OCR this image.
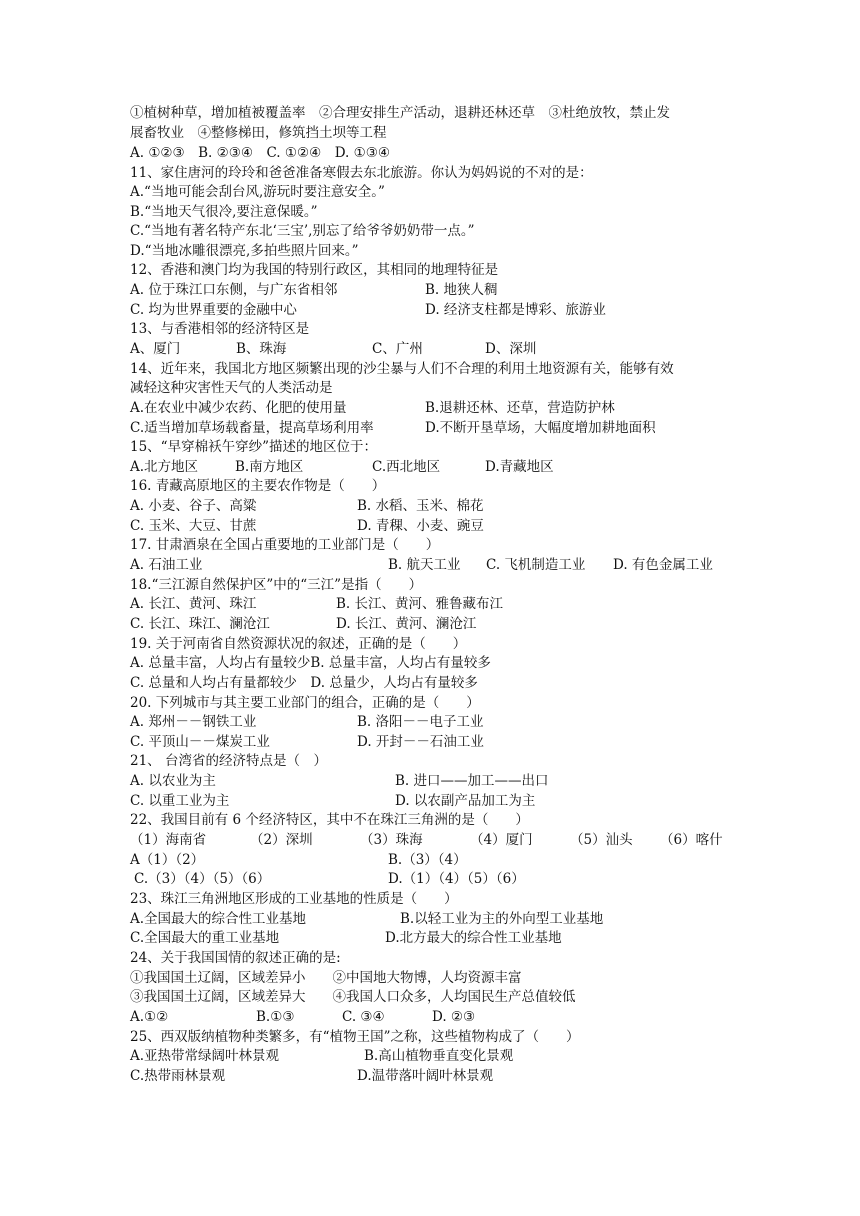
①植树种草，增加植被覆盖率　②合理安排生产活动，退耕还林还草　③杜绝放牧，禁止发
展畜牧业　④整修梯田，修筑挡土坝等工程
A. ①②③　B. ②③④　C. ①②④　D. ①③④
11、家住唐河的玲玲和爸爸准备寒假去东北旅游。你认为妈妈说的不对的是：
A.“当地可能会刮台风,游玩时要注意安全。”
B.“当地天气很冷,要注意保暖。”
C.“当地有著名特产东北‘三宝’,别忘了给爷爷奶奶带一点。”
D.“当地冰雕很漂亮,多拍些照片回来。”
12、香港和澳门均为我国的特别行政区，其相同的地理特征是
A. 位于珠江口东侧，与广东省相邻	B. 地狭人稠
C. 均为世界重要的金融中心	D. 经济支柱都是博彩、旅游业
13、与香港相邻的经济特区是
A、厦门	B、珠海	C、广州	D、深圳
14、近年来，我国北方地区频繁出现的沙尘暴与人们不合理的利用土地资源有关，能够有效
减轻这种灾害性天气的人类活动是
A.在农业中减少农药、化肥的使用量	B.退耕还林、还草，营造防护林
C.适当增加草场载畜量，提高草场利用率	D.不断开垦草场，大幅度增加耕地面积
15、“早穿棉袄午穿纱”描述的地区位于：
A.北方地区	B.南方地区	C.西北地区	D.青藏地区
16. 青藏高原地区的主要农作物是（　　）
A. 小麦、谷子、高粱	B. 水稻、玉米、棉花
C. 玉米、大豆、甘蔗	D. 青稞、小麦、豌豆
17. 甘肃酒泉在全国占重要地的工业部门是（　　）
A. 石油工业	B. 航天工业 C. 飞机制造工业 D. 有色金属工业
18.“三江源自然保护区”中的“三江”是指（　　）
A. 长江、黄河、珠江	B. 长江、黄河、雅鲁藏布江
C. 长江、珠江、澜沧江	D. 长江、黄河、澜沧江
19. 关于河南省自然资源状况的叙述，正确的是（　　）
A. 总量丰富，人均占有量较少B. 总量丰富，人均占有量较多
C. 总量和人均占有量都较少　D. 总量少，人均占有量较多
20. 下列城市与其主要工业部门的组合，正确的是（　　）
A. 郑州－－钢铁工业	B. 洛阳－－电子工业
C. 平顶山－－煤炭工业	D. 开封－－石油工业
21、 台湾省的经济特点是（　）
A. 以农业为主	B. 进口——加工——出口
C. 以重工业为主	D. 以农副产品加工为主
22、我国目前有 6 个经济特区，其中不在珠江三角洲的是（　　）
（1）海南省	（2）深圳	（3）珠海	（4）厦门	（5）汕头 （6）喀什
A（1）（2）	B.（3）（4）
C.（3）（4）（5）（6）	D.（1）（4）（5）（6）
23、珠江三角洲地区形成的工业基地的性质是（　　）
A.全国最大的综合性工业基地	B.以轻工业为主的外向型工业基地
C.全国最大的重工业基地	D.北方最大的综合性工业基地
24、关于我国国情的叙述正确的是:
①我国国土辽阔，区域差异小　　②中国地大物博，人均资源丰富
③我国国土辽阔，区域差异大　　④我国人口众多，人均国民生产总值较低
A.①②	B.①③	C. ③④	D. ②③
25、西双版纳植物种类繁多，有“植物王国”之称，这些植物构成了（　　）
A.亚热带常绿阔叶林景观	B.高山植物垂直变化景观
C.热带雨林景观	D.温带落叶阔叶林景观
